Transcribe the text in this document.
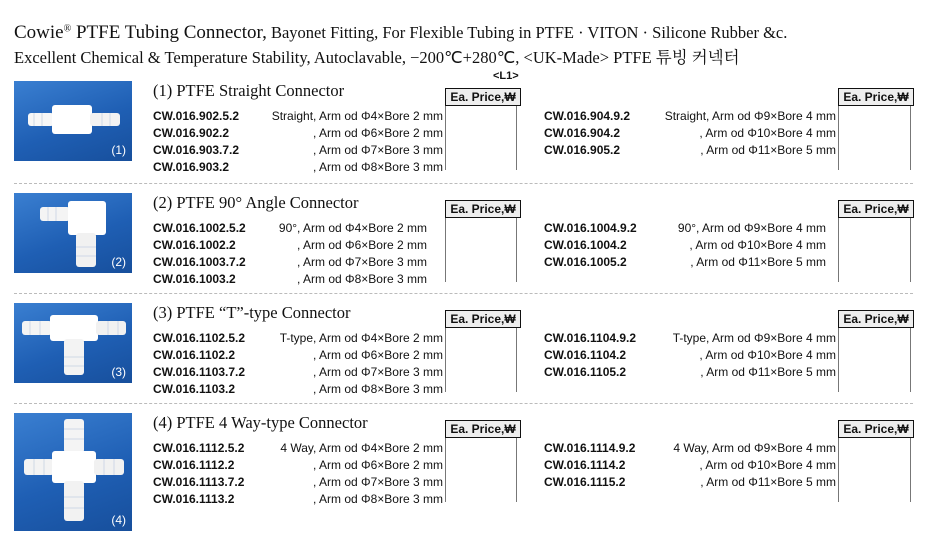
Cowie® PTFE Tubing Connector, Bayonet Fitting, For Flexible Tubing in PTFE · VITON · Silicone Rubber &c.
Excellent Chemical & Temperature Stability, Autoclavable, −200℃+280℃, <UK-Made> PTFE 튜빙 커넥터
<L1>
(1)
(1) PTFE Straight Connector	Ea. Price,₩	Ea. Price,₩
CW.016.902.5.2	Straight, Arm od Φ4×Bore 2 mm
CW.016.902.2	, Arm od Φ6×Bore 2 mm
CW.016.903.7.2	, Arm od Φ7×Bore 3 mm
CW.016.903.2	, Arm od Φ8×Bore 3 mm
CW.016.904.9.2	Straight, Arm od Φ9×Bore 4 mm
CW.016.904.2	, Arm od Φ10×Bore 4 mm
CW.016.905.2	, Arm od Φ11×Bore 5 mm
(2)
(2) PTFE 90° Angle Connector	Ea. Price,₩	Ea. Price,₩
CW.016.1002.5.2	90°, Arm od Φ4×Bore 2 mm
CW.016.1002.2	, Arm od Φ6×Bore 2 mm
CW.016.1003.7.2	, Arm od Φ7×Bore 3 mm
CW.016.1003.2	, Arm od Φ8×Bore 3 mm
CW.016.1004.9.2	90°, Arm od Φ9×Bore 4 mm
CW.016.1004.2	, Arm od Φ10×Bore 4 mm
CW.016.1005.2	, Arm od Φ11×Bore 5 mm
(3)
(3) PTFE “T”-type Connector	Ea. Price,₩	Ea. Price,₩
CW.016.1102.5.2	T-type, Arm od Φ4×Bore 2 mm
CW.016.1102.2	, Arm od Φ6×Bore 2 mm
CW.016.1103.7.2	, Arm od Φ7×Bore 3 mm
CW.016.1103.2	, Arm od Φ8×Bore 3 mm
CW.016.1104.9.2	T-type, Arm od Φ9×Bore 4 mm
CW.016.1104.2	, Arm od Φ10×Bore 4 mm
CW.016.1105.2	, Arm od Φ11×Bore 5 mm
(4)
(4) PTFE 4 Way-type Connector	Ea. Price,₩	Ea. Price,₩
CW.016.1112.5.2	4 Way, Arm od Φ4×Bore 2 mm
CW.016.1112.2	, Arm od Φ6×Bore 2 mm
CW.016.1113.7.2	, Arm od Φ7×Bore 3 mm
CW.016.1113.2	, Arm od Φ8×Bore 3 mm
CW.016.1114.9.2	4 Way, Arm od Φ9×Bore 4 mm
CW.016.1114.2	, Arm od Φ10×Bore 4 mm
CW.016.1115.2	, Arm od Φ11×Bore 5 mm
